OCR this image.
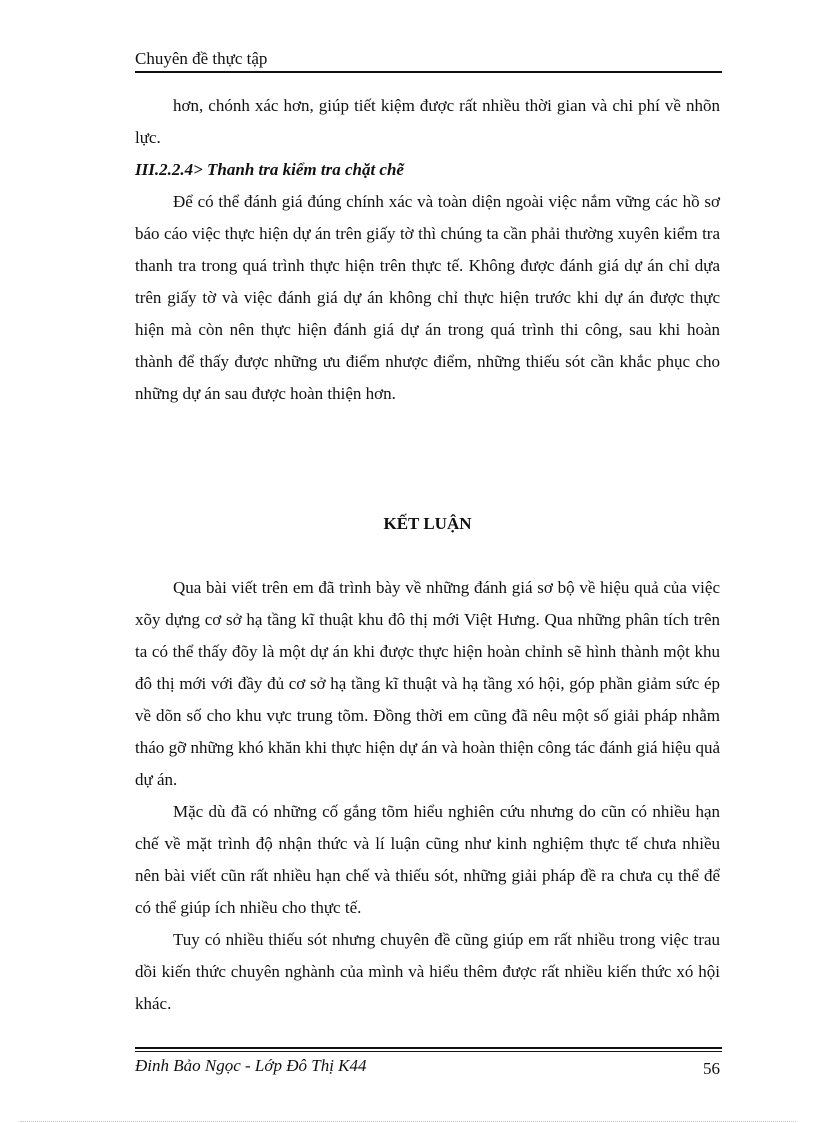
Chuyên đề thực tập

hơn, chónh xác hơn, giúp tiết kiệm được rất nhiều thời gian và chi phí về nhõn lực.

III.2.2.4> Thanh tra kiểm tra chặt chẽ

Để có thể đánh giá đúng chính xác và toàn diện ngoài việc nắm vững các hồ sơ báo cáo việc thực hiện dự án trên giấy tờ thì chúng ta cần phải thường xuyên kiểm tra thanh tra trong quá trình thực hiện trên thực tế. Không được đánh giá dự án chỉ dựa trên giấy tờ và việc đánh giá dự án không chỉ thực hiện trước khi dự án được thực hiện mà còn nên thực hiện đánh giá dự án trong quá trình thi công, sau khi hoàn thành để thấy được những ưu điểm nhược điểm, những thiếu sót cần khắc phục cho những dự án sau được hoàn thiện hơn.

KẾT LUẬN

Qua bài viết trên em đã trình bày về những đánh giá sơ bộ về hiệu quả của việc xõy dựng cơ sở hạ tầng kĩ thuật khu đô thị mới Việt Hưng. Qua những phân tích trên ta có thể thấy đõy là một dự án khi được thực hiện hoàn chỉnh sẽ hình thành một khu đô thị mới với đầy đủ cơ sở hạ tầng kĩ thuật và hạ tầng xó hội, góp phần giảm sức ép về dõn số cho khu vực trung tõm. Đồng thời em cũng đã nêu một số giải pháp nhằm tháo gỡ những khó khăn khi thực hiện dự án và hoàn thiện công tác đánh giá hiệu quả dự án.

Mặc dù đã có những cố gắng tõm hiểu nghiên cứu nhưng do cũn có nhiều hạn chế về mặt trình độ nhận thức và lí luận cũng như kinh nghiệm thực tế chưa nhiều nên bài viết cũn rất nhiều hạn chế và thiếu sót, những giải pháp đề ra chưa cụ thể để có thể giúp ích nhiều cho thực tế.

Tuy có nhiều thiếu sót nhưng chuyên đề cũng giúp em rất nhiều trong việc trau dồi kiến thức chuyên nghành của mình và hiểu thêm được rất nhiều kiến thức xó hội khác.

Đinh Bảo Ngọc - Lớp Đô Thị K44	56
